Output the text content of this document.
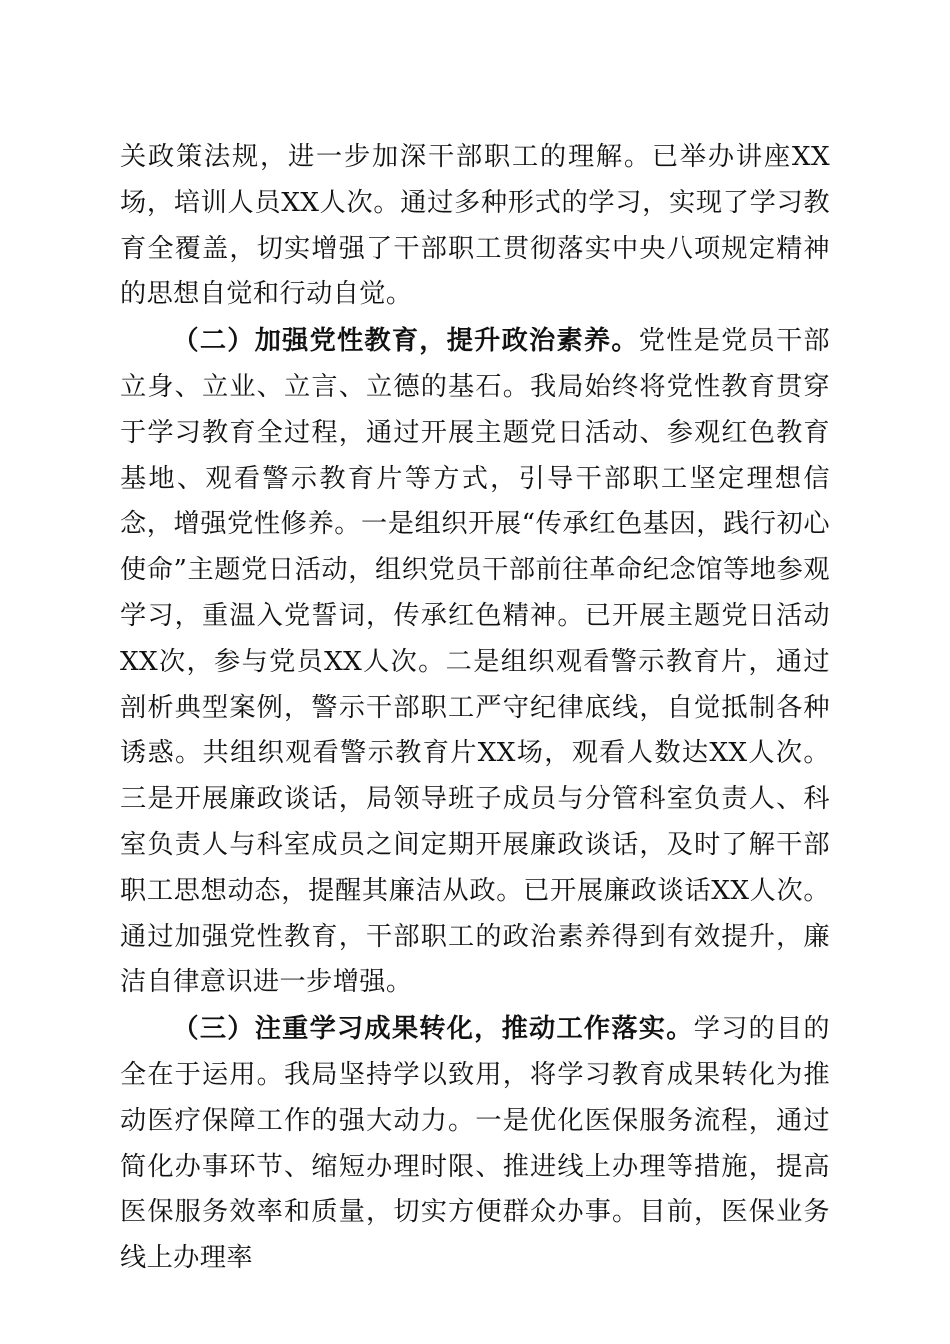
关政策法规，进一步加深干部职工的理解。已举办讲座XX场，培训人员XX人次。通过多种形式的学习，实现了学习教育全覆盖，切实增强了干部职工贯彻落实中央八项规定精神的思想自觉和行动自觉。

（二）加强党性教育，提升政治素养。党性是党员干部立身、立业、立言、立德的基石。我局始终将党性教育贯穿于学习教育全过程，通过开展主题党日活动、参观红色教育基地、观看警示教育片等方式，引导干部职工坚定理想信念，增强党性修养。一是组织开展“传承红色基因，践行初心使命”主题党日活动，组织党员干部前往革命纪念馆等地参观学习，重温入党誓词，传承红色精神。已开展主题党日活动XX次，参与党员XX人次。二是组织观看警示教育片，通过剖析典型案例，警示干部职工严守纪律底线，自觉抵制各种诱惑。共组织观看警示教育片XX场，观看人数达XX人次。三是开展廉政谈话，局领导班子成员与分管科室负责人、科室负责人与科室成员之间定期开展廉政谈话，及时了解干部职工思想动态，提醒其廉洁从政。已开展廉政谈话XX人次。通过加强党性教育，干部职工的政治素养得到有效提升，廉洁自律意识进一步增强。

（三）注重学习成果转化，推动工作落实。学习的目的全在于运用。我局坚持学以致用，将学习教育成果转化为推动医疗保障工作的强大动力。一是优化医保服务流程，通过简化办事环节、缩短办理时限、推进线上办理等措施，提高医保服务效率和质量，切实方便群众办事。目前，医保业务线上办理率
